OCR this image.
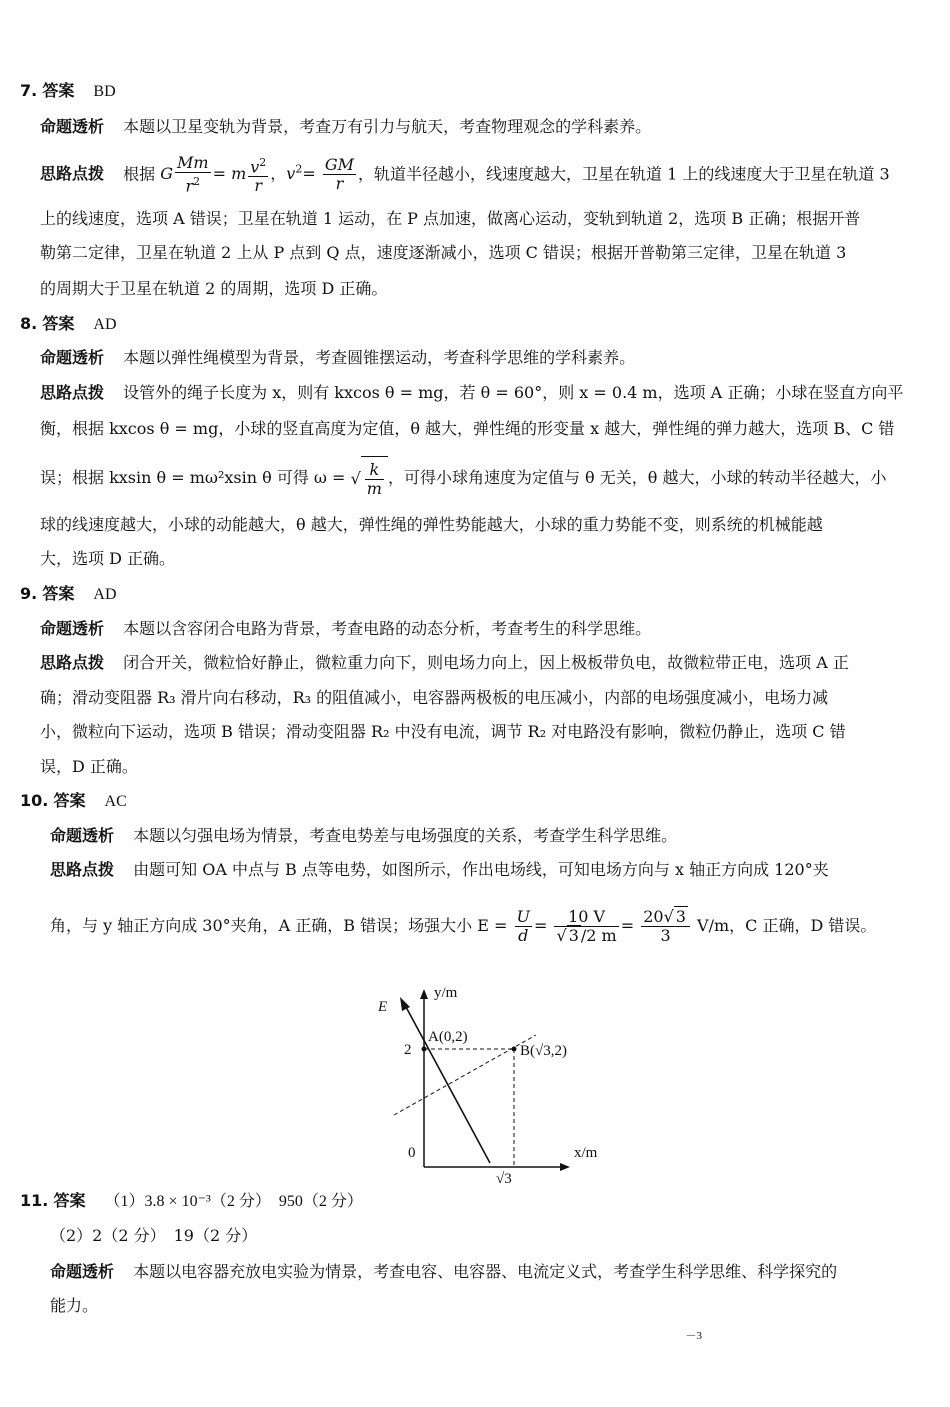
7. 答案 BD
命题透析 本题以卫星变轨为背景，考查万有引力与航天，考查物理观念的学科素养。
思路点拨 根据 G $\frac{Mm}{r^2} = m \frac{v^2}{r}$ ，$v^2= \frac{GM}{r}$ ，轨道半径越小，线速度越大，卫星在轨道 1 上的线速度大于卫星在轨道 3
上的线速度，选项 A 错误；卫星在轨道 1 运动，在 P 点加速，做离心运动，变轨到轨道 2，选项 B 正确；根据开普
勒第二定律，卫星在轨道 2 上从 P 点到 Q 点，速度逐渐减小，选项 C 错误；根据开普勒第三定律，卫星在轨道 3
的周期大于卫星在轨道 2 的周期，选项 D 正确。
8. 答案 AD
命题透析 本题以弹性绳模型为背景，考查圆锥摆运动，考查科学思维的学科素养。
思路点拨 设管外的绳子长度为 x，则有 kxcos θ = mg，若 θ = 60°，则 x = 0.4 m，选项 A 正确；小球在竖直方向平
衡，根据 kxcos θ = mg，小球的竖直高度为定值，θ 越大，弹性绳的形变量 x 越大，弹性绳的弹力越大，选项 B、C 错
误；根据 kxsin θ = mω²xsin θ 可得 ω = √ $\frac{k}{m}$ ，可得小球角速度为定值与 θ 无关，θ 越大，小球的转动半径越大，小
球的线速度越大，小球的动能越大，θ 越大，弹性绳的弹性势能越大，小球的重力势能不变，则系统的机械能越
大，选项 D 正确。
9. 答案 AD
命题透析 本题以含容闭合电路为背景，考查电路的动态分析，考查考生的科学思维。
思路点拨 闭合开关，微粒恰好静止，微粒重力向下，则电场力向上，因上极板带负电，故微粒带正电，选项 A 正
确；滑动变阻器 R₃ 滑片向右移动，R₃ 的阻值减小，电容器两极板的电压减小，内部的电场强度减小，电场力减
小，微粒向下运动，选项 B 错误；滑动变阻器 R₂ 中没有电流，调节 R₂ 对电路没有影响，微粒仍静止，选项 C 错
误，D 正确。
10. 答案 AC
命题透析 本题以匀强电场为情景，考查电势差与电场强度的关系，考查学生科学思维。
思路点拨 由题可知 OA 中点与 B 点等电势，如图所示，作出电场线，可知电场方向与 x 轴正方向成 120°夹
角，与 y 轴正方向成 30°夹角，A 正确，B 错误；场强大小 $E = \frac{U}{d} = \frac{10 V}{√ 3 /2 m} = \frac{20√ 3}{3} V/m$，C 正确，D 错误。
y/m
x/m
E
A(0,2)
B(√3,2)
2
0
√3
11. 答案 （1）3.8 × 10⁻³（2 分）　950（2 分）
（2）2（2 分）　19（2 分）
命题透析 本题以电容器充放电实验为情景，考查电容、电容器、电流定义式，考查学生科学思维、科学探究的
能力。
－3
